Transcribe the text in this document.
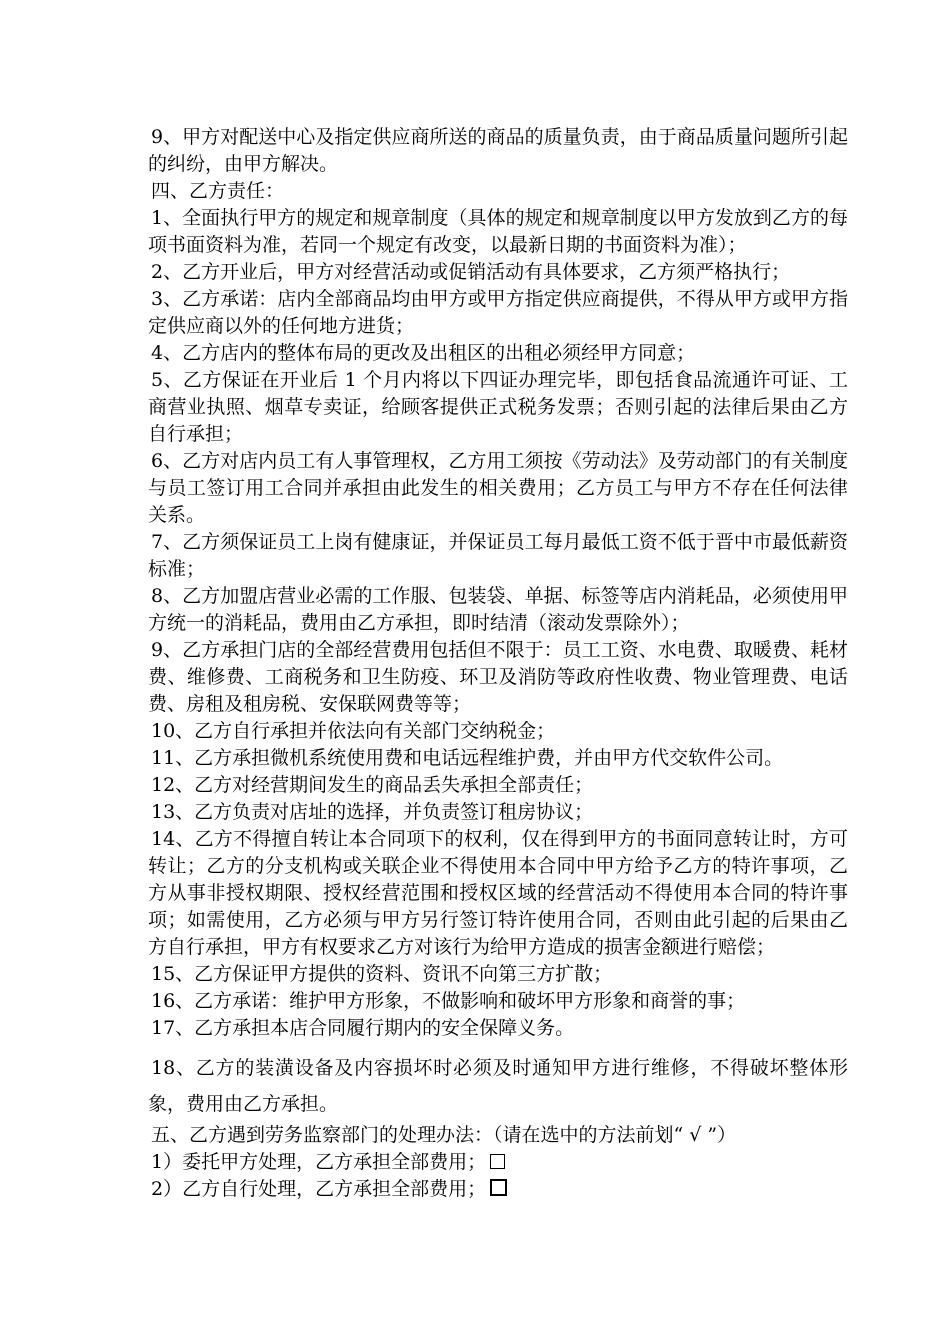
9、甲方对配送中心及指定供应商所送的商品的质量负责，由于商品质量问题所引起的纠纷，由甲方解决。

四、乙方责任：

1、全面执行甲方的规定和规章制度（具体的规定和规章制度以甲方发放到乙方的每项书面资料为准，若同一个规定有改变，以最新日期的书面资料为准）；

2、乙方开业后，甲方对经营活动或促销活动有具体要求，乙方须严格执行；

3、乙方承诺：店内全部商品均由甲方或甲方指定供应商提供，不得从甲方或甲方指定供应商以外的任何地方进货；

4、乙方店内的整体布局的更改及出租区的出租必须经甲方同意；

5、乙方保证在开业后 1 个月内将以下四证办理完毕，即包括食品流通许可证、工商营业执照、烟草专卖证，给顾客提供正式税务发票；否则引起的法律后果由乙方自行承担；

6、乙方对店内员工有人事管理权，乙方用工须按《劳动法》及劳动部门的有关制度与员工签订用工合同并承担由此发生的相关费用；乙方员工与甲方不存在任何法律关系。

7、乙方须保证员工上岗有健康证，并保证员工每月最低工资不低于晋中市最低薪资标准；

8、乙方加盟店营业必需的工作服、包装袋、单据、标签等店内消耗品，必须使用甲方统一的消耗品，费用由乙方承担，即时结清（滚动发票除外）；

9、乙方承担门店的全部经营费用包括但不限于：员工工资、水电费、取暖费、耗材费、维修费、工商税务和卫生防疫、环卫及消防等政府性收费、物业管理费、电话费、房租及租房税、安保联网费等等；

10、乙方自行承担并依法向有关部门交纳税金；

11、乙方承担微机系统使用费和电话远程维护费，并由甲方代交软件公司。

12、乙方对经营期间发生的商品丢失承担全部责任；

13、乙方负责对店址的选择，并负责签订租房协议；

14、乙方不得擅自转让本合同项下的权利，仅在得到甲方的书面同意转让时，方可转让；乙方的分支机构或关联企业不得使用本合同中甲方给予乙方的特许事项，乙方从事非授权期限、授权经营范围和授权区域的经营活动不得使用本合同的特许事项；如需使用，乙方必须与甲方另行签订特许使用合同，否则由此引起的后果由乙方自行承担，甲方有权要求乙方对该行为给甲方造成的损害金额进行赔偿；

15、乙方保证甲方提供的资料、资讯不向第三方扩散；

16、乙方承诺：维护甲方形象，不做影响和破坏甲方形象和商誉的事；

17、乙方承担本店合同履行期内的安全保障义务。

18、乙方的装潢设备及内容损坏时必须及时通知甲方进行维修，不得破坏整体形象，费用由乙方承担。

五、乙方遇到劳务监察部门的处理办法：（请在选中的方法前划“ √ ”）

1）委托甲方处理，乙方承担全部费用；

2）乙方自行处理，乙方承担全部费用；
